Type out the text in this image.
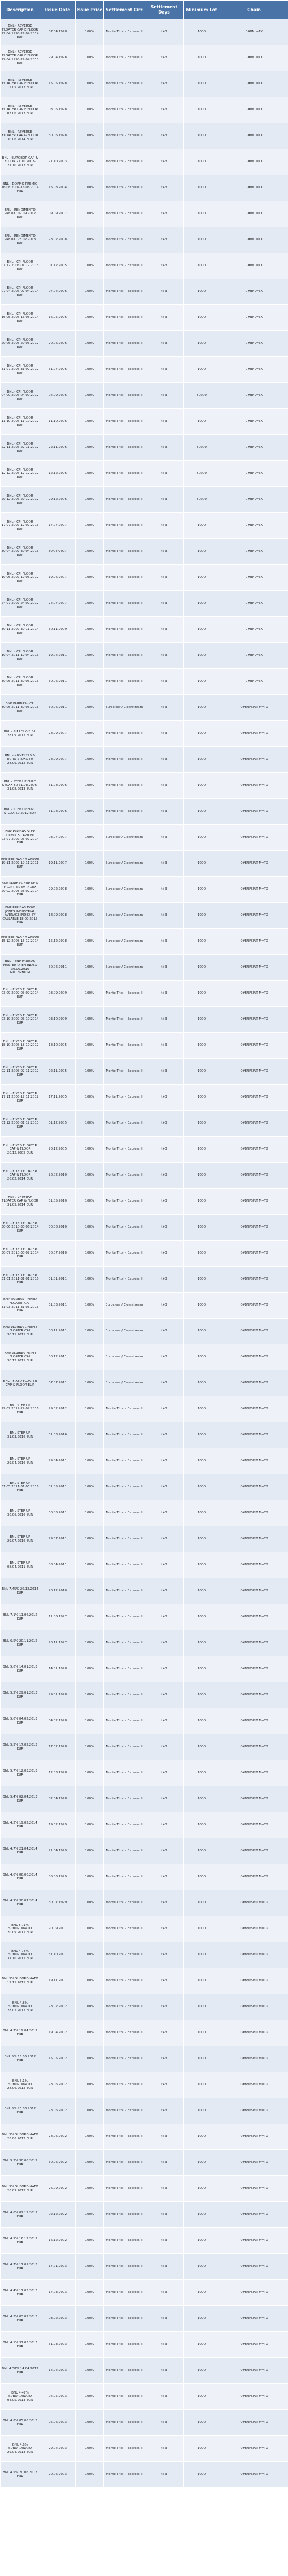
Description	Issue Date	Issue Price	Settlement Circ	Settlement Days	Minimum Lot	Chain
BNL - REVERSE FLOATER CAP E FLOOR 27.04.1998-27.04.2014 EUR	07.04.1998	100%	Monte Titoli - Express II	t+3	1000	0#BNL=TX
BNL - REVERSE FLOATER CAP E FLOOR 29.04.1998-29.04.2013 EUR	29.04.1998	100%	Monte Titoli - Express II	t+3	1000	0#BNL=TX
BNL - REVERSE FLOATER CAP E FLOOR 15.05.2013 EUR	15.05.1998	100%	Monte Titoli - Express II	t+3	1000	0#BNL=TX
BNL - REVERSE FLOATER CAP E FLOOR 03.06.2013 EUR	03.06.1998	100%	Monte Titoli - Express II	t+3	1000	0#BNL=TX
BNL - REVERSE FLOATER CAP & FLOOR 30.06.2014 EUR	30.06.1998	100%	Monte Titoli - Express II	t+3	1000	0#BNL=TX
BNL - EUROBOR CAP & FLOOR 21.10.2003-21.10.2013 EUR	21.10.2003	100%	Monte Titoli - Express II	t+3	1000	0#BNL=TX
BNL - DOPPIO PREMIO 16.08.2004-16.08.2014 EUR	16.08.2004	100%	Monte Titoli - Express II	t+3	1000	0#BNL=TX
BNL - RENDIMENTO PREMIO 09.09.2012 EUR	09.09.2007	100%	Monte Titoli - Express II	t+3	1000	0#BNL=TX
BNL - RENDIMENTO PREMIO 28.02.2013 EUR	28.02.2008	100%	Monte Titoli - Express II	t+3	1000	0#BNL=TX
BNL - CPI FLOOR 01.12.2005-01.12.2013 EUR	01.12.2005	100%	Monte Titoli - Express II	t+3	1000	0#BNL=TX
BNL - CPI FLOOR 07.04.2006-07.04.2014 EUR	07.04.2006	100%	Monte Titoli - Express II	t+3	1000	0#BNL=TX
BNL - CPI FLOOR 16.05.2006-16.05.2014 EUR	16.05.2006	100%	Monte Titoli - Express II	t+3	1000	0#BNL=TX
BNL - CPI FLOOR 20.06.2006-20.06.2012 EUR	20.06.2006	100%	Monte Titoli - Express II	t+3	1000	0#BNL=TX
BNL - CPI FLOOR 31.07.2006-31.07.2012 EUR	31.07.2006	100%	Monte Titoli - Express II	t+3	1000	0#BNL=TX
BNL - CPI FLOOR 04.09.2006-04.09.2012 EUR	04.09.2006	100%	Monte Titoli - Express II	t+3	50000	0#BNL=TX
BNL - CPI FLOOR 11.10.2006-11.10.2012 EUR	11.10.2006	100%	Monte Titoli - Express II	t+3	1000	0#BNL=TX
BNL - CPI FLOOR 22.11.2006-22.11.2012 EUR	22.11.2006	100%	Monte Titoli - Express II	t+3	50000	0#BNL=TX
BNL - CPI FLOOR 12.12.2006-12.12.2012 EUR	12.12.2006	100%	Monte Titoli - Express II	t+3	50000	0#BNL=TX
BNL - CPI FLOOR 29.12.2006-29.12.2012 EUR	29.12.2006	100%	Monte Titoli - Express II	t+3	50000	0#BNL=TX
BNL - CPI FLOOR 17.07.2007-17.07.2013 EUR	17.07.2007	100%	Monte Titoli - Express II	t+3	1000	0#BNL=TX
BNL - CPI FLOOR 30.04.2007-30.04.2013 EUR	30/04/2007	100%	Monte Titoli - Express II	t+3	1000	0#BNL=TX
BNL - CPI FLOOR 19.06.2007-19.06.2012 EUR	19.06.2007	100%	Monte Titoli - Express II	t+3	1000	0#BNL=TX
BNL - CPI FLOOR 24.07.2007-24.07.2012 EUR	24.07.2007	100%	Monte Titoli - Express II	t+3	1000	0#BNL=TX
BNL - CPI FLOOR 30.11.2009-30.11.2014 EUR	30.11.2009	100%	Monte Titoli - Express II	t+3	1000	0#BNL=TX
BNL - CPI FLOOR 19.04.2011-19.04.2016 EUR	19.04.2011	100%	Monte Titoli - Express II	t+3	1000	0#BNL=TX
BNL - CPI FLOOR 30.06.2011-30.06.2016 EUR	30.06.2011	100%	Monte Titoli - Express II	t+3	1000	0#BNL=TX
BNP PARIBAS - CPI 30.06.2011-30.06.2016 EUR	30.06.2011	100%	Euroclear / Clearstream	t+3	1000	0#BNPSPLT M=TX
BNL - NIKKEI 225 ST. 28.09.2012 EUR	28.09.2007	100%	Monte Titoli - Express II	t+3	1000	0#BNPSPLT M=TX
BNL - NIKKEI 225 & EURO STOXX 50 28.09.2012 EUR	28.09.2007	100%	Monte Titoli - Express II	t+3	1000	0#BNPSPLT M=TX
BNL - STEP UP EURO STOXX 50 31.08.2006-31.08.2013 EUR	31.08.2006	100%	Monte Titoli - Express II	t+3	1000	0#BNPSPLT M=TX
BNL - STEP UP EURO STOXX 50 2012 EUR	31.08.2006	100%	Monte Titoli - Express II	t+3	1000	0#BNPSPLT M=TX
BNP PARIBAS STEP DOWN 50 AZIONI 03.07.2007-03.07.2014 EUR	03.07.2007	100%	Euroclear / Clearstream	t+3	1000	0#BNPSPLT M=TX
BNP PARIBAS 10 AZIONI 19.11.2007-19.11.2011 EUR	19.11.2007	100%	Euroclear / Clearstream	t+3	1000	0#BNPSPLT M=TX
BNP PARIBAS BNP NEW FRONTIER EM INDEX 29.02.2008-28.02.2014 EUR	29.02.2008	100%	Euroclear / Clearstream	t+3	1000	0#BNPSPLT M=TX
BNP PARIBAS DOW JONES INDUSTRIAL AVERAGE INDEX 5Y CALLABLE 18.09.2013 EUR	18.09.2008	100%	Euroclear / Clearstream	t+3	1000	0#BNPSPLT M=TX
BNP PARIBAS 10 AZIONI 15.12.2008-15.12.2014 EUR	15.12.2008	100%	Euroclear / Clearstream	t+3	1000	0#BNPSPLT M=TX
BNL - BNP PARIBAS MASTER OPEN INDEX 30.06.2016 MILLENNIUM	30.06.2011	100%	Euroclear / Clearstream	t+3	1000	0#BNPSPLT M=TX
BNL - FIXED FLOATER 03.09.2009-03.09.2014 EUR	03.09.2009	100%	Monte Titoli - Express II	t+3	1000	0#BNPSPLT M=TX
BNL - FIXED FLOATER 03.10.2009-03.10.2014 EUR	03.10.2009	100%	Monte Titoli - Express II	t+3	1000	0#BNPSPLT M=TX
BNL - FIXED FLOATER 18.10.2005-18.10.2012 EUR	18.10.2005	100%	Monte Titoli - Express II	t+3	1000	0#BNPSPLT M=TX
BNL - FIXED FLOATER 02.11.2005-02.11.2012 EUR	02.11.2005	100%	Monte Titoli - Express II	t+3	1000	0#BNPSPLT M=TX
BNL - FIXED FLOATER 17.11.2005-17.11.2012 EUR	17.11.2005	100%	Monte Titoli - Express II	t+3	1000	0#BNPSPLT M=TX
BNL - FIXED FLOATER 01.12.2005-01.12.2013 EUR	01.12.2005	100%	Monte Titoli - Express II	t+3	1000	0#BNPSPLT M=TX
BNL - FIXED FLOATER CAP & FLOOR 20.12.2005 EUR	20.12.2005	100%	Monte Titoli - Express II	t+3	1000	0#BNPSPLT M=TX
BNL - FIXED FLOATER CAP & FLOOR 26.02.2014 EUR	26.02.2010	100%	Monte Titoli - Express II	t+3	1000	0#BNPSPLT M=TX
BNL - REVERSE FLOATER CAP & FLOOR 31.05.2014 EUR	31.05.2010	100%	Monte Titoli - Express II	t+3	1000	0#BNPSPLT M=TX
BNL - FIXED FLOATER 30.06.2010-30.06.2014 EUR	30.06.2010	100%	Monte Titoli - Express II	t+3	1000	0#BNPSPLT M=TX
BNL - FIXED FLOATER 30.07.2010-30.07.2014 EUR	30.07.2010	100%	Monte Titoli - Express II	t+3	1000	0#BNPSPLT M=TX
BNL - FIXED FLOATER 31.01.2011-31.01.2016 EUR	31.01.2011	100%	Monte Titoli - Express II	t+3	1000	0#BNPSPLT M=TX
BNP PARIBAS - FIXED FLOATER CAP 31.03.2011-31.03.2016 EUR	31.03.2011	100%	Euroclear / Clearstream	t+3	1000	0#BNPSPLT M=TX
BNP PARIBAS - FIXED FLOATER CAP 30.11.2011 EUR	30.11.2011	100%	Euroclear / Clearstream	t+3	1000	0#BNPSPLT M=TX
BNP PARIBAS FIXED FLOATER CAP 30.12.2011 EUR	30.12.2011	100%	Euroclear / Clearstream	t+3	1000	0#BNPSPLT M=TX
BNL - FIXED FLOATER CAP & FLOOR EUR	07.07.2011	100%	Euroclear / Clearstream	t+3	1000	0#BNPSPLT M=TX
BNL STEP UP 29.02.2012-29.02.2016 EUR	29.02.2012	100%	Monte Titoli - Express II	t+3	1000	0#BNPSPLT M=TX
BNL STEP UP 31.03.2016 EUR	31.03.2016	100%	Monte Titoli - Express II	t+3	1000	0#BNPSPLT M=TX
BNL STEP UP 29.04.2016 EUR	29.04.2011	100%	Monte Titoli - Express II	t+3	1000	0#BNPSPLT M=TX
BNL STEP UP 31.05.2011-31.05.2016 EUR	31.05.2011	100%	Monte Titoli - Express II	t+3	1000	0#BNPSPLT M=TX
BNL STEP UP 30.06.2016 EUR	30.06.2011	100%	Monte Titoli - Express II	t+3	1000	0#BNPSPLT M=TX
BNL STEP UP 29.07.2016 EUR	29.07.2011	100%	Monte Titoli - Express II	t+3	1000	0#BNPSPLT M=TX
BNL STEP UP 08.04.2011 EUR	08.04.2011	100%	Monte Titoli - Express II	t+3	1000	0#BNPSPLT M=TX
BNL 7.45% 20.12.2014 EUR	20.12.2010	100%	Monte Titoli - Express II	t+3	1000	0#BNPSPLT M=TX
BNL 7.1% 11.06.2012 EUR	11.06.1997	100%	Monte Titoli - Express II	t+3	1000	0#BNPSPLT M=TX
BNL 6.5% 20.11.2012 EUR	20.11.1997	100%	Monte Titoli - Express II	t+3	1000	0#BNPSPLT M=TX
BNL 5.6% 14.01.2013 EUR	14.01.1998	100%	Monte Titoli - Express II	t+3	1000	0#BNPSPLT M=TX
BNL 5.5% 29.01.2013 EUR	29.01.1998	100%	Monte Titoli - Express II	t+3	1000	0#BNPSPLT M=TX
BNL 5.6% 04.02.2013 EUR	04.02.1998	100%	Monte Titoli - Express II	t+3	1000	0#BNPSPLT M=TX
BNL 5.5% 17.02.2013 EUR	17.02.1998	100%	Monte Titoli - Express II	t+3	1000	0#BNPSPLT M=TX
BNL 5.7% 12.03.2013 EUR	12.03.1998	100%	Monte Titoli - Express II	t+3	1000	0#BNPSPLT M=TX
BNL 5.4% 02.04.2013 EUR	02.04.1998	100%	Monte Titoli - Express II	t+3	1000	0#BNPSPLT M=TX
BNL 4.2% 19.02.2014 EUR	19.02.1999	100%	Monte Titoli - Express II	t+3	1000	0#BNPSPLT M=TX
BNL 4.7% 21.04.2014 EUR	21.04.1999	100%	Monte Titoli - Express II	t+3	1000	0#BNPSPLT M=TX
BNL 4.6% 06.06.2014 EUR	06.06.1999	100%	Monte Titoli - Express II	t+3	1000	0#BNPSPLT M=TX
BNL 4.9% 30.07.2014 EUR	30.07.1999	100%	Monte Titoli - Express II	t+3	1000	0#BNPSPLT M=TX
BNL 5.71% SUBORDINATO 20.09.2011 EUR	20.09.2001	100%	Monte Titoli - Express II	t+3	1000	0#BNPSPLT M=TX
BNL 4.75% SUBORDINATO 31.10.2011 EUR	31.10.2001	100%	Monte Titoli - Express II	t+3	1000	0#BNPSPLT M=TX
BNL 5% SUBORDINATO 19.11.2011 EUR	19.11.2001	100%	Monte Titoli - Express II	t+3	1000	0#BNPSPLT M=TX
BNL 4.8% SUBORDINATO 28.02.2012 EUR	28.02.2002	100%	Monte Titoli - Express II	t+3	1000	0#BNPSPLT M=TX
BNL 4.7% 19.04.2012 EUR	19.04.2002	100%	Monte Titoli - Express II	t+3	1000	0#BNPSPLT M=TX
BNL 5% 15.05.2012 EUR	15.05.2002	100%	Monte Titoli - Express II	t+3	1000	0#BNPSPLT M=TX
BNL 5.1% SUBORDINATO 28.06.2012 EUR	28.06.2002	100%	Monte Titoli - Express II	t+3	1000	0#BNPSPLT M=TX
BNL 5% 23.06.2012 EUR	23.06.2002	100%	Monte Titoli - Express II	t+3	1000	0#BNPSPLT M=TX
BNL 5% SUBORDINATO 28.06.2012 EUR	28.06.2002	100%	Monte Titoli - Express II	t+3	1000	0#BNPSPLT M=TX
BNL 5.2% 30.06.2012 EUR	30.06.2002	100%	Monte Titoli - Express II	t+3	1000	0#BNPSPLT M=TX
BNL 5% SUBORDINATO 26.09.2012 EUR	26.09.2002	100%	Monte Titoli - Express II	t+3	1000	0#BNPSPLT M=TX
BNL 4.6% 02.12.2012 EUR	02.12.2002	100%	Monte Titoli - Express II	t+3	1000	0#BNPSPLT M=TX
BNL 4.5% 16.12.2012 EUR	16.12.2002	100%	Monte Titoli - Express II	t+3	1000	0#BNPSPLT M=TX
BNL 4.7% 17.01.2013 EUR	17.01.2003	100%	Monte Titoli - Express II	t+3	1000	0#BNPSPLT M=TX
BNL 4.4% 17.03.2013 EUR	17.03.2003	100%	Monte Titoli - Express II	t+3	1000	0#BNPSPLT M=TX
BNL 4.3% 03.02.2013 EUR	03.02.2003	100%	Monte Titoli - Express II	t+3	1000	0#BNPSPLT M=TX
BNL 4.1% 31.03.2013 EUR	31.03.2003	100%	Monte Titoli - Express II	t+3	1000	0#BNPSPLT M=TX
BNL 4.38% 14.04.2013 EUR	14.04.2003	100%	Monte Titoli - Express II	t+3	1000	0#BNPSPLT M=TX
BNL 4.47% SUBORDINATO 04.05.2013 EUR	04.05.2003	100%	Monte Titoli - Express II	t+3	1000	0#BNPSPLT M=TX
BNL 4.8% 05.06.2013 EUR	05.06.2003	100%	Monte Titoli - Express II	t+3	1000	0#BNPSPLT M=TX
BNL 4.6% SUBORDINATO 29.04.2013 EUR	29.04.2003	100%	Monte Titoli - Express II	t+3	1000	0#BNPSPLT M=TX
BNL 4.5% 20.06.2013 EUR	20.06.2003	100%	Monte Titoli - Express II	t+3	1000	0#BNPSPLT M=TX
